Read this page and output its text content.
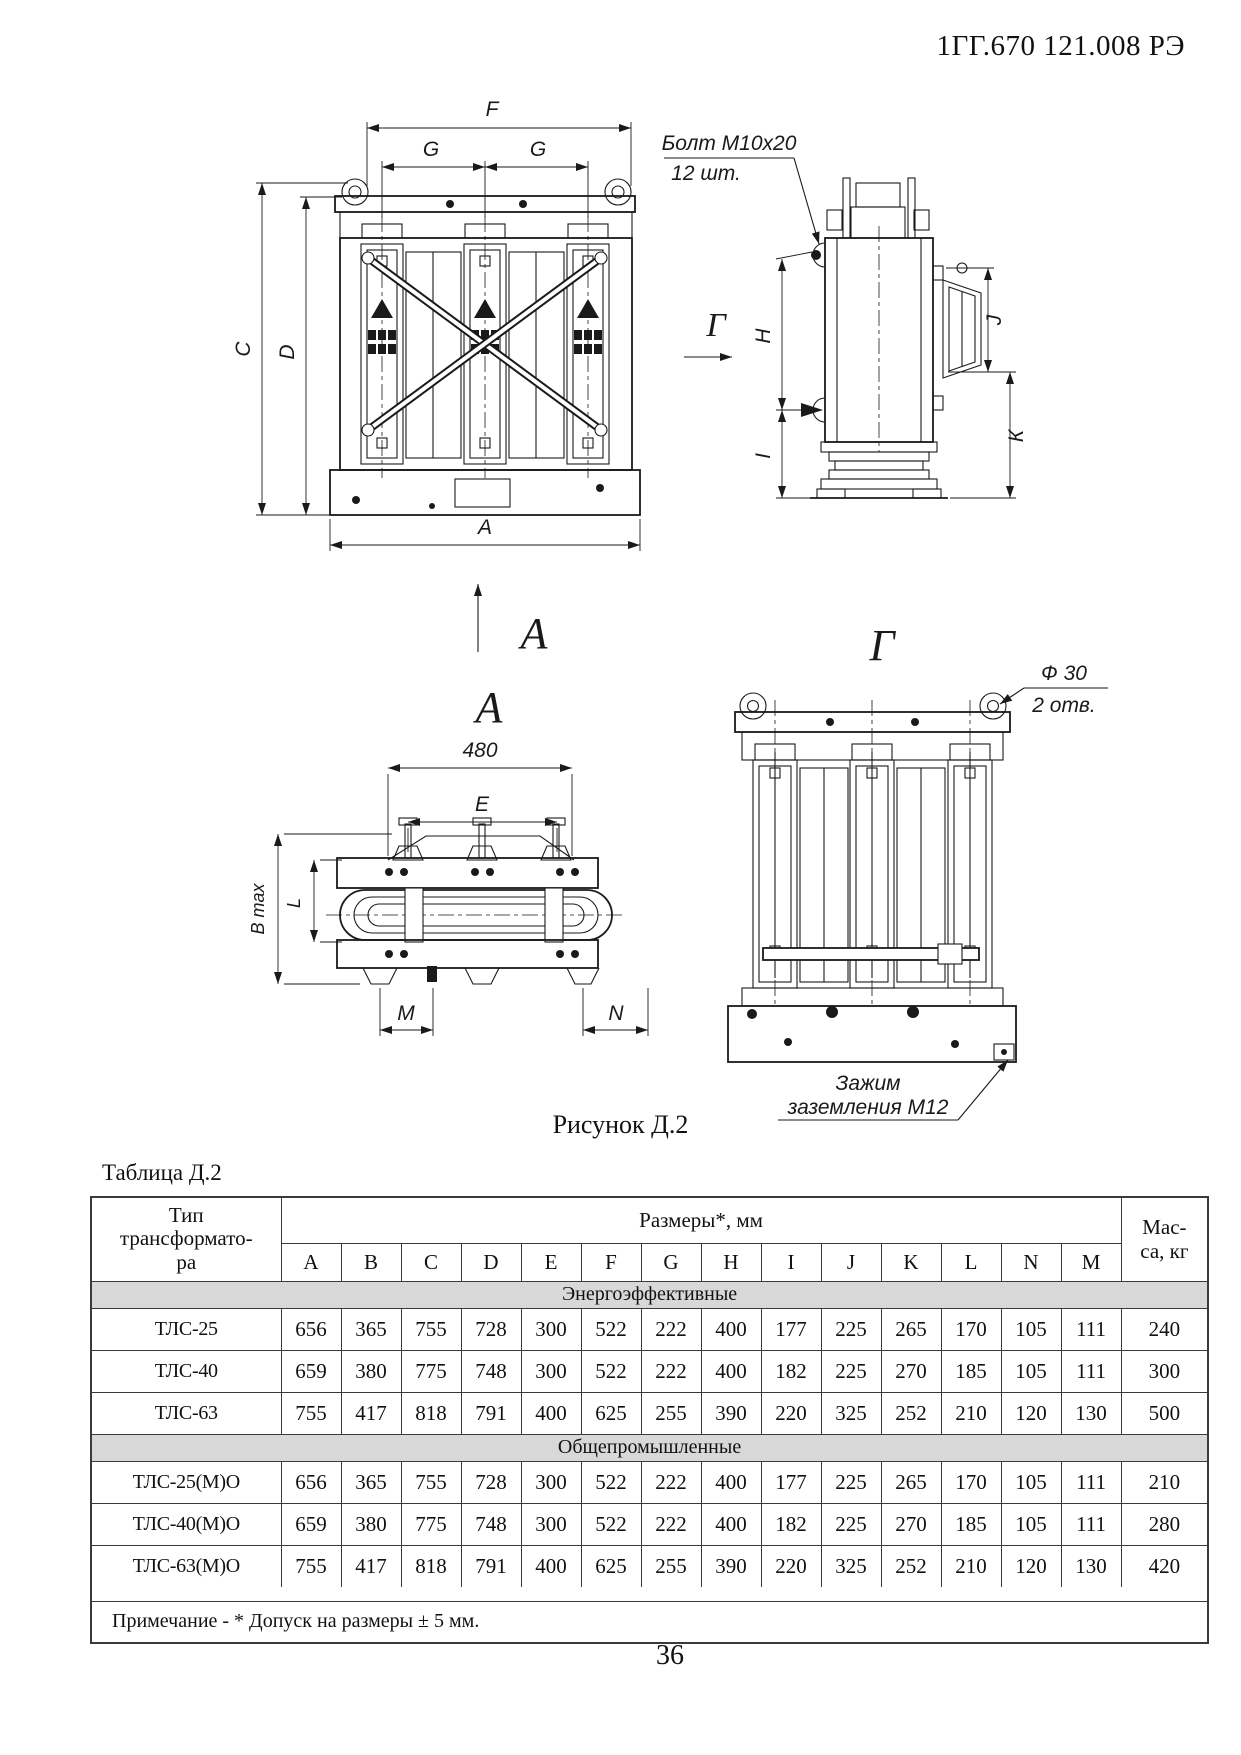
1ГГ.670 121.008 РЭ
F
G	G
C D
A
Н
I
J
К
Болт М10х20
12 шт.
Г
А
А
480
E
В max L
М	N
Г
Ф 30
2 отв.
Зажим
заземления М12
Рисунок Д.2
Таблица Д.2
Тип
трансформато-
ра
	Размеры*, мм	Мас-
са, кг

	A	B	C	D	E	F	G	H	I	J	K	L	N	M	
Энергоэффективные															
ТЛС-25	656	365	755	728	300	522	222	400	177	225	265	170	105	111	240
ТЛС-40	659	380	775	748	300	522	222	400	182	225	270	185	105	111	300
ТЛС-63	755	417	818	791	400	625	255	390	220	325	252	210	120	130	500
Общепромышленные															
ТЛС-25(М)О	656	365	755	728	300	522	222	400	177	225	265	170	105	111	210
ТЛС-40(М)О	659	380	775	748	300	522	222	400	182	225	270	185	105	111	280
ТЛС-63(М)О	755	417	818	791	400	625	255	390	220	325	252	210	120	130	420

Примечание - * Допуск на размеры ± 5 мм.															
36
